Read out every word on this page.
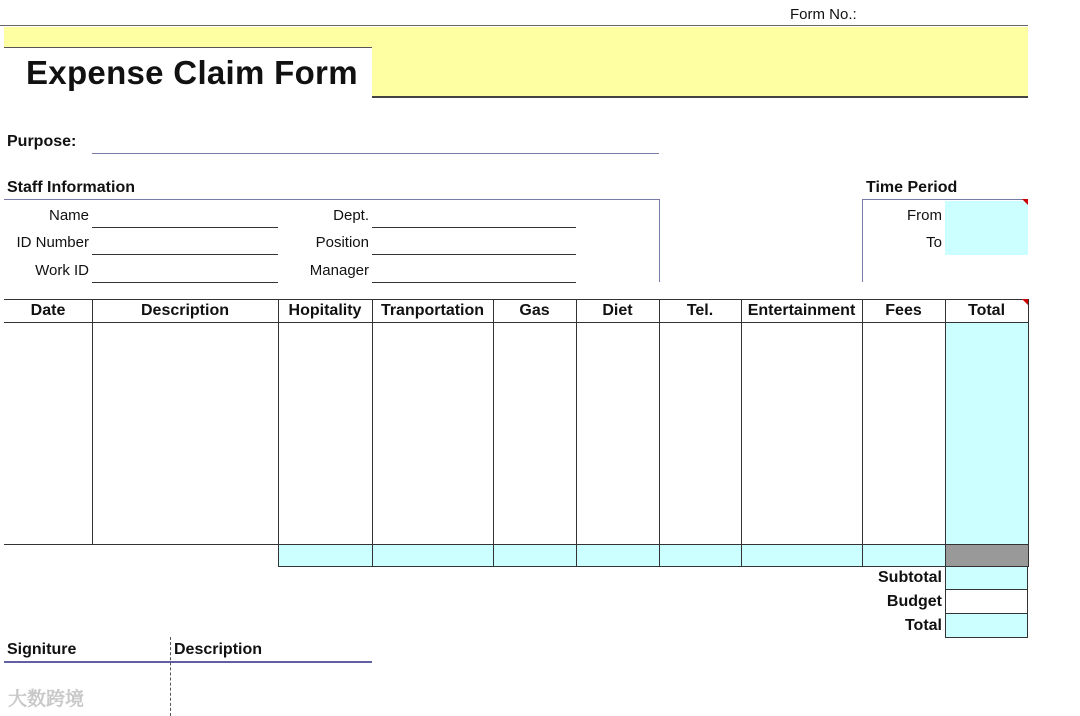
Form No.:
Expense Claim Form
Purpose:
Staff Information
Name
ID Number
Work ID
Dept.
Position
Manager
Time Period
From
To
Date	Description	Hopitality	Tranportation	Gas	Diet	Tel.	Entertainment	Fees	Total
Subtotal
Budget
Total
Signiture	Description
大数跨境
